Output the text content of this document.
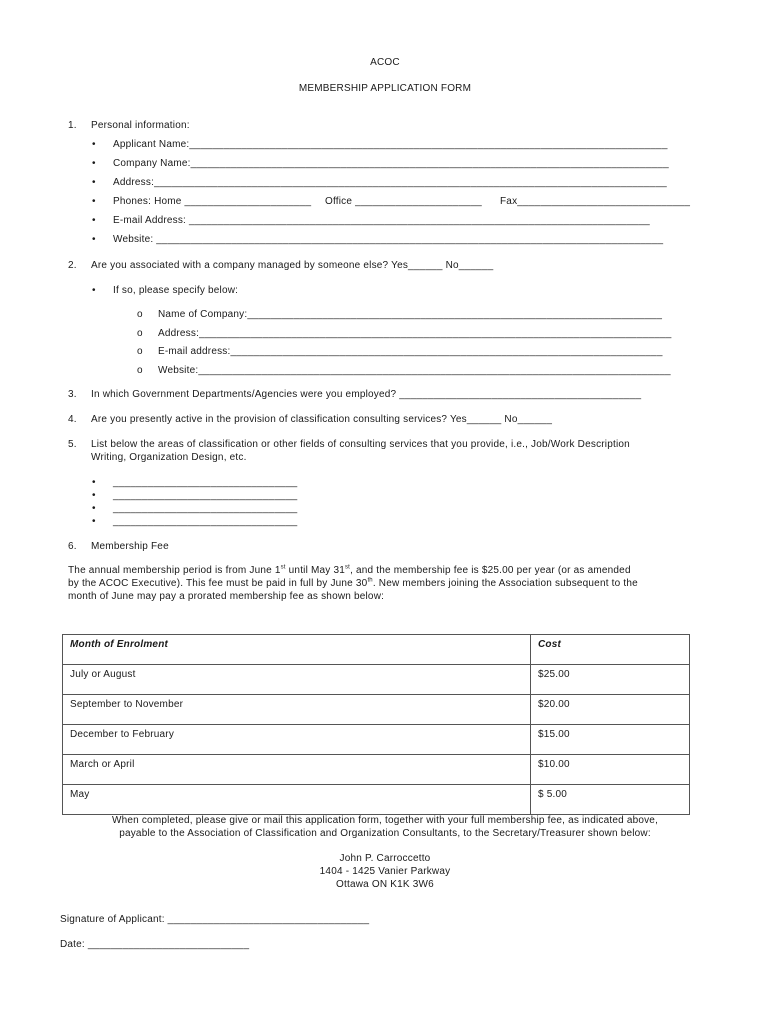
ACOC
MEMBERSHIP APPLICATION FORM
1. Personal information:
• Applicant Name:___________________________________________________________________________________
• Company Name:___________________________________________________________________________________
• Address:_________________________________________________________________________________________
• Phones: Home ______________________ Office ______________________ Fax______________________________
• E-mail Address: ________________________________________________________________________________
• Website: ________________________________________________________________________________________
2. Are you associated with a company managed by someone else? Yes______ No______
• If so, please specify below:
o Name of Company:________________________________________________________________________
o Address:__________________________________________________________________________________
o E-mail address:___________________________________________________________________________
o Website:__________________________________________________________________________________
3. In which Government Departments/Agencies were you employed? __________________________________________
4. Are you presently active in the provision of classification consulting services? Yes______ No______
5. List below the areas of classification or other fields of consulting services that you provide, i.e., Job/Work Description
Writing, Organization Design, etc.
• ________________________________
• ________________________________
• ________________________________
• ________________________________
6. Membership Fee
The annual membership period is from June 1st until May 31st, and the membership fee is $25.00 per year (or as amended
by the ACOC Executive). This fee must be paid in full by June 30th. New members joining the Association subsequent to the
month of June may pay a prorated membership fee as shown below:
Month of Enrolment	Cost
July or August	$25.00
September to November	$20.00
December to February	$15.00
March or April	$10.00
May	$ 5.00
When completed, please give or mail this application form, together with your full membership fee, as indicated above,
payable to the Association of Classification and Organization Consultants, to the Secretary/Treasurer shown below:
John P. Carroccetto
1404 - 1425 Vanier Parkway
Ottawa ON K1K 3W6
Signature of Applicant: ___________________________________
Date: ____________________________
